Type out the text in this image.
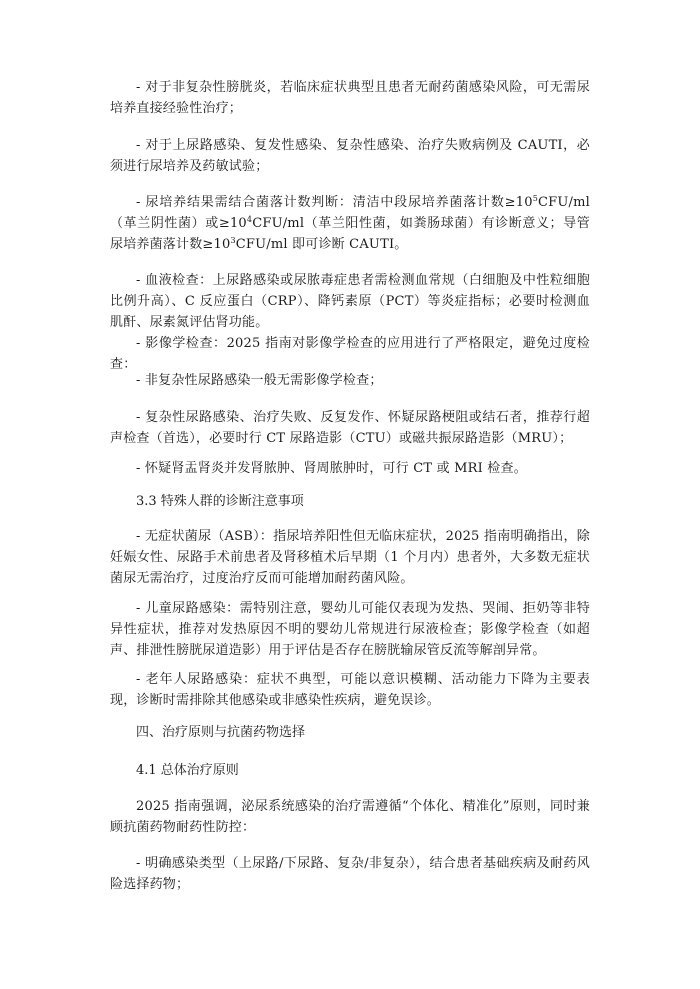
- 对于非复杂性膀胱炎，若临床症状典型且患者无耐药菌感染风险，可无需尿培养直接经验性治疗；

- 对于上尿路感染、复发性感染、复杂性感染、治疗失败病例及 CAUTI，必须进行尿培养及药敏试验；

- 尿培养结果需结合菌落计数判断：清洁中段尿培养菌落计数$\ge 10^5CFU/ml$（革兰阴性菌）或$\ge 10^4CFU/ml$（革兰阳性菌，如粪肠球菌）有诊断意义；导管尿培养菌落计数$\ge 10^3CFU/ml$ 即可诊断 CAUTI。

- 血液检查：上尿路感染或尿脓毒症患者需检测血常规（白细胞及中性粒细胞比例升高）、C 反应蛋白（CRP）、降钙素原（PCT）等炎症指标；必要时检测血肌酐、尿素氮评估肾功能。

- 影像学检查：2025 指南对影像学检查的应用进行了严格限定，避免过度检查：

- 非复杂性尿路感染一般无需影像学检查；

- 复杂性尿路感染、治疗失败、反复发作、怀疑尿路梗阻或结石者，推荐行超声检查（首选），必要时行 CT 尿路造影（CTU）或磁共振尿路造影（MRU）；

- 怀疑肾盂肾炎并发肾脓肿、肾周脓肿时，可行 CT 或 MRI 检查。

3.3 特殊人群的诊断注意事项

- 无症状菌尿（ASB）：指尿培养阳性但无临床症状，2025 指南明确指出，除妊娠女性、尿路手术前患者及肾移植术后早期（1 个月内）患者外，大多数无症状菌尿无需治疗，过度治疗反而可能增加耐药菌风险。

- 儿童尿路感染：需特别注意，婴幼儿可能仅表现为发热、哭闹、拒奶等非特异性症状，推荐对发热原因不明的婴幼儿常规进行尿液检查；影像学检查（如超声、排泄性膀胱尿道造影）用于评估是否存在膀胱输尿管反流等解剖异常。

- 老年人尿路感染：症状不典型，可能以意识模糊、活动能力下降为主要表现，诊断时需排除其他感染或非感染性疾病，避免误诊。

四、治疗原则与抗菌药物选择

4.1 总体治疗原则

2025 指南强调，泌尿系统感染的治疗需遵循“个体化、精准化”原则，同时兼顾抗菌药物耐药性防控：

- 明确感染类型（上尿路/下尿路、复杂/非复杂），结合患者基础疾病及耐药风险选择药物；
